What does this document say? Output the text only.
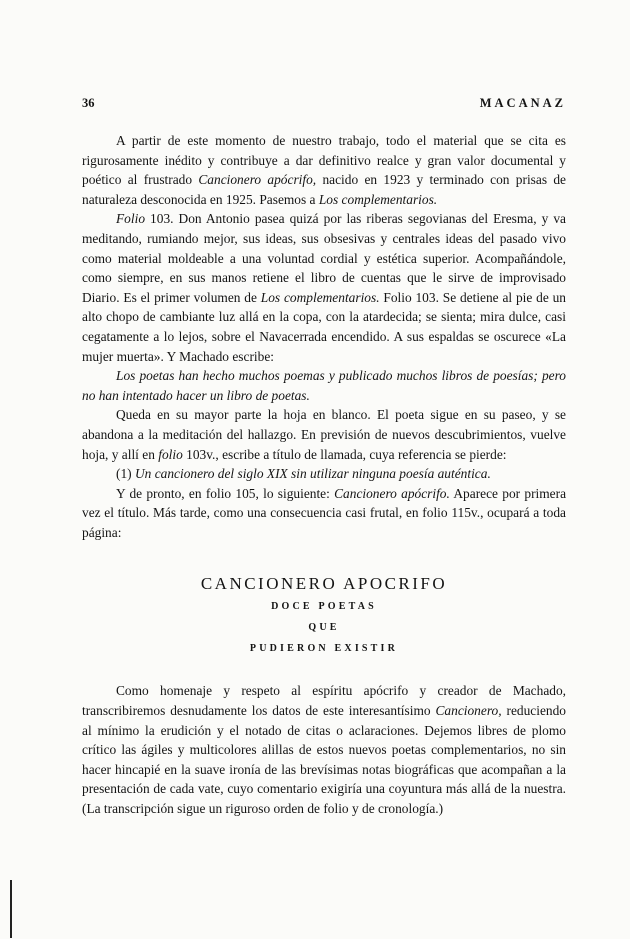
36	MACANAZ

A partir de este momento de nuestro trabajo, todo el material que se cita es rigurosamente inédito y contribuye a dar definitivo realce y gran valor documental y poético al frustrado Cancionero apócrifo, nacido en 1923 y terminado con prisas de naturaleza desconocida en 1925. Pasemos a Los complementarios.

Folio 103. Don Antonio pasea quizá por las riberas segovianas del Eresma, y va meditando, rumiando mejor, sus ideas, sus obsesivas y centrales ideas del pasado vivo como material moldeable a una voluntad cordial y estética superior. Acompañándole, como siempre, en sus manos retiene el libro de cuentas que le sirve de improvisado Diario. Es el primer volumen de Los complementarios. Folio 103. Se detiene al pie de un alto chopo de cambiante luz allá en la copa, con la atardecida; se sienta; mira dulce, casi cegatamente a lo lejos, sobre el Navacerrada encendido. A sus espaldas se oscurece «La mujer muerta». Y Machado escribe:

Los poetas han hecho muchos poemas y publicado muchos libros de poesías; pero no han intentado hacer un libro de poetas.

Queda en su mayor parte la hoja en blanco. El poeta sigue en su paseo, y se abandona a la meditación del hallazgo. En previsión de nuevos descubrimientos, vuelve hoja, y allí en folio 103v., escribe a título de llamada, cuya referencia se pierde:

(1) Un cancionero del siglo XIX sin utilizar ninguna poesía auténtica.

Y de pronto, en folio 105, lo siguiente: Cancionero apócrifo. Aparece por primera vez el título. Más tarde, como una consecuencia casi frutal, en folio 115v., ocupará a toda página:

CANCIONERO APOCRIFO
DOCE POETAS
QUE
PUDIERON EXISTIR

Como homenaje y respeto al espíritu apócrifo y creador de Machado, transcribiremos desnudamente los datos de este interesantísimo Cancionero, reduciendo al mínimo la erudición y el notado de citas o aclaraciones. Dejemos libres de plomo crítico las ágiles y multicolores alillas de estos nuevos poetas complementarios, no sin hacer hincapié en la suave ironía de las brevísimas notas biográficas que acompañan a la presentación de cada vate, cuyo comentario exigiría una coyuntura más allá de la nuestra. (La transcripción sigue un riguroso orden de folio y de cronología.)
